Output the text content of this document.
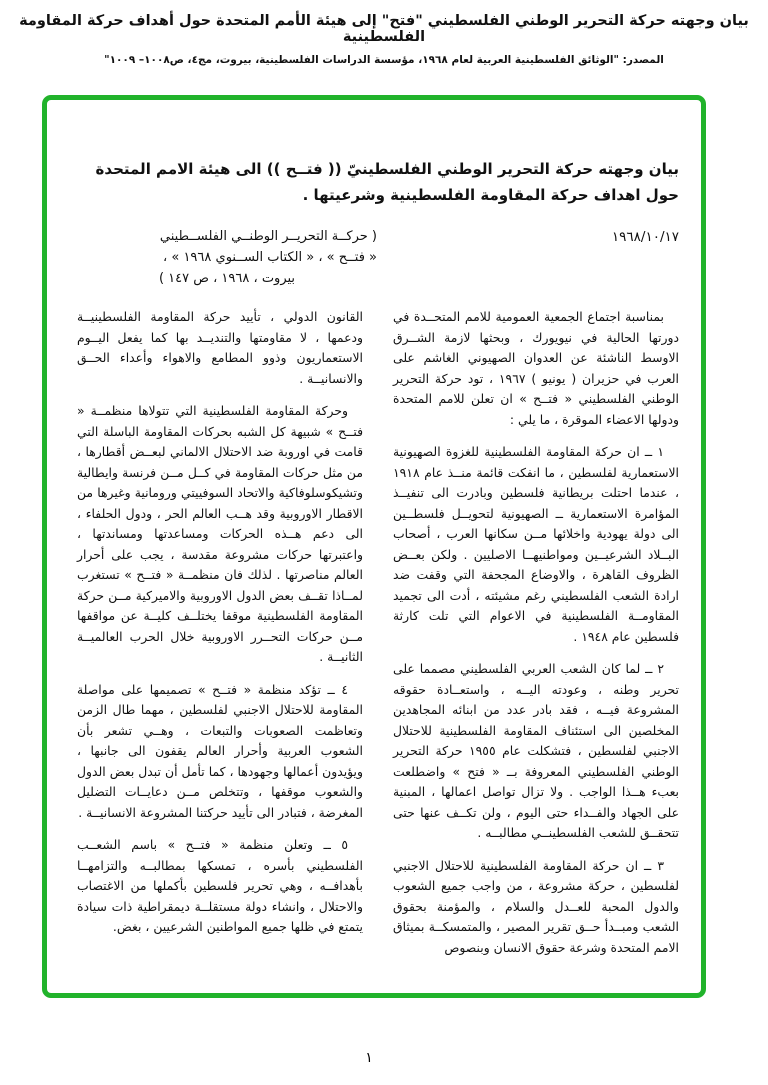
بيان وجهته حركة التحرير الوطني الفلسطيني "فتح" إلى هيئة الأمم المتحدة حول أهداف حركة المقاومة الفلسطينية
المصدر: "الوثائق الفلسطينية العربية لعام ١٩٦٨، مؤسسة الدراسات الفلسطينية، بيروت، مج٤، ص١٠٠٨– ١٠٠٩"
بيان وجهته حركة التحرير الوطني الفلسطينيّ (( فتــح )) الى هيئة الامم المتحدة
حول اهداف حركة المقاومة الفلسطينية وشرعيتها .
١٩٦٨/١٠/١٧
( حركــة التحريــر الوطنــي الفلســطيني
« فتــح » ، « الكتاب الســنوي ١٩٦٨ » ،
بيروت ، ١٩٦٨ ، ص ١٤٧ )

بمناسبة اجتماع الجمعية العمومية للامم المتحــدة في دورتها الحالية في نيويورك ، وبحثها لازمة الشــرق الاوسط الناشئة عن العدوان الصهيوني الغاشم على العرب في حزيران ( يونيو ) ١٩٦٧ ، تود حركة التحرير الوطني الفلسطيني « فتــح » ان تعلن للامم المتحدة ودولها الاعضاء الموقرة ، ما يلي :

١ ــ ان حركة المقاومة الفلسطينية للغزوة الصهيونية الاستعمارية لفلسطين ، ما انفكت قائمة منــذ عام ١٩١٨ ، عندما احتلت بريطانية فلسطين وبادرت الى تنفيــذ المؤامرة الاستعمارية ــ الصهيونية لتحويــل فلسطــين الى دولة يهودية واخلائها مــن سكانها العرب ، أصحاب البــلاد الشرعيــين ومواطنيهــا الاصليين . ولكن بعــض الظروف القاهرة ، والاوضاع المجحفة التي وقفت ضد ارادة الشعب الفلسطيني رغم مشيئته ، أدت الى تجميد المقاومــة الفلسطينية في الاعوام التي تلت كارثة فلسطين عام ١٩٤٨ .

٢ ــ لما كان الشعب العربي الفلسطيني مصمما على تحرير وطنه ، وعودته اليــه ، واستعــادة حقوقه المشروعة فيــه ، فقد بادر عدد من ابنائه المجاهدين المخلصين الى استئناف المقاومة الفلسطينية للاحتلال الاجنبي لفلسطين ، فتشكلت عام ١٩٥٥ حركة التحرير الوطني الفلسطيني المعروفة بــ « فتح » واضطلعت بعبء هــذا الواجب . ولا تزال تواصل اعمالها ، المبنية على الجهاد والفــداء حتى اليوم ، ولن تكــف عنها حتى تتحقــق للشعب الفلسطينــي مطالبــه .

٣ ــ ان حركة المقاومة الفلسطينية للاحتلال الاجنبي لفلسطين ، حركة مشروعة ، من واجب جميع الشعوب والدول المحبة للعــدل والسلام ، والمؤمنة بحقوق الشعب ومبــدأ حــق تقرير المصير ، والمتمسكــة بميثاق الامم المتحدة وشرعة حقوق الانسان وبنصوص

القانون الدولي ، تأييد حركة المقاومة الفلسطينيــة ودعمها ، لا مقاومتها والتنديــد بها كما يفعل اليــوم الاستعماريون وذوو المطامع والاهواء وأعداء الحــق والانسانيــة .

وحركة المقاومة الفلسطينية التي تتولاها منظمــة « فتــح » شبيهة كل الشبه بحركات المقاومة الباسلة التي قامت في اوروبة ضد الاحتلال الالماني لبعــض أقطارها ، من مثل حركات المقاومة في كــل مــن فرنسة وايطالية وتشيكوسلوفاكية والاتحاد السوفييتي ورومانية وغيرها من الاقطار الاوروبية وقد هــب العالم الحر ، ودول الحلفاء ، الى دعم هــذه الحركات ومساعدتها ومساندتها ، واعتبرتها حركات مشروعة مقدسة ، يجب على أحرار العالم مناصرتها . لذلك فان منظمــة « فتــح » تستغرب لمــاذا تقــف بعض الدول الاوروبية والاميركية مــن حركة المقاومة الفلسطينية موقفا يختلــف كليــة عن مواقفها مــن حركات التحــرر الاوروبية خلال الحرب العالميــة الثانيــة .

٤ ــ تؤكد منظمة « فتــح » تصميمها على مواصلة المقاومة للاحتلال الاجنبي لفلسطين ، مهما طال الزمن وتعاظمت الصعوبات والتبعات ، وهــي تشعر بأن الشعوب العربية وأحرار العالم يقفون الى جانبها ، ويؤيدون أعمالها وجهودها ، كما تأمل أن تبدل بعض الدول والشعوب موقفها ، وتتخلص مــن دعايــات التضليل المغرضة ، فتبادر الى تأييد حركتنا المشروعة الانسانيــة .

٥ ــ وتعلن منظمة « فتــح » باسم الشعــب الفلسطيني بأسره ، تمسكها بمطالبــه والتزامهــا بأهدافــه ، وهي تحرير فلسطين بأكملها من الاغتصاب والاحتلال ، وانشاء دولة مستقلــة ديمقراطية ذات سيادة يتمتع في ظلها جميع المواطنين الشرعيين ، بغض.

١
